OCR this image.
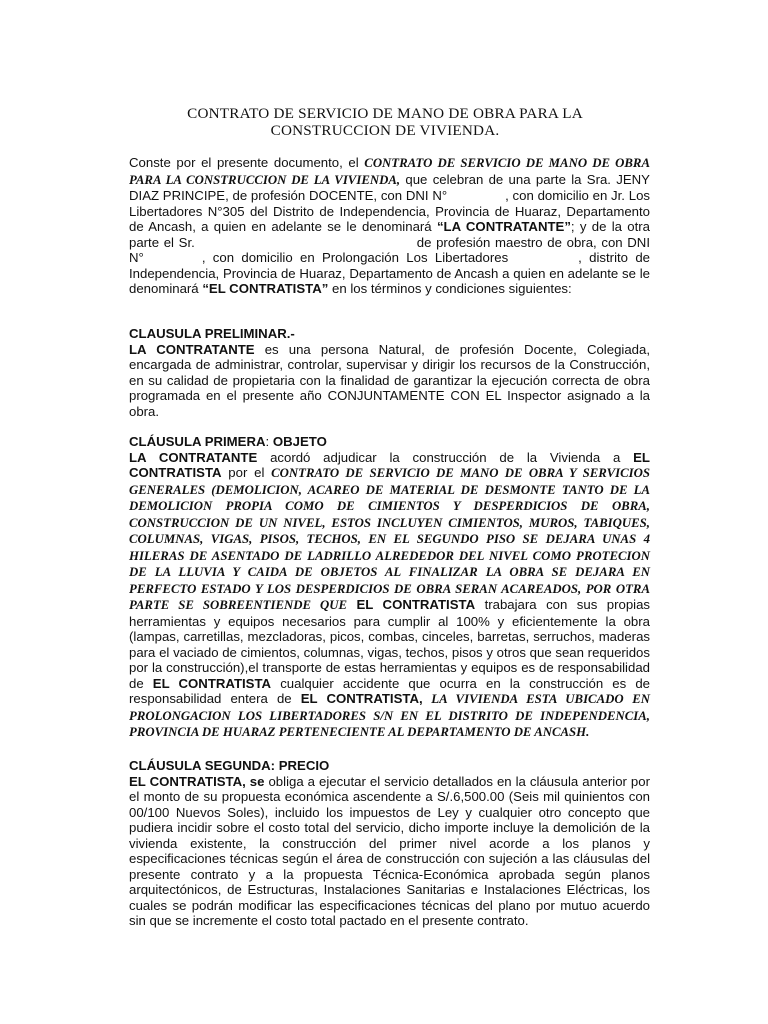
CONTRATO DE SERVICIO DE MANO DE OBRA PARA LA
CONSTRUCCION DE VIVIENDA.
Conste por el presente documento, el CONTRATO DE SERVICIO DE MANO DE OBRA PARA LA CONSTRUCCION DE LA VIVIENDA, que celebran de una parte la Sra. JENY DIAZ PRINCIPE, de profesión DOCENTE, con DNI N°	, con domicilio en Jr. Los Libertadores N°305 del Distrito de Independencia, Provincia de Huaraz, Departamento de Ancash, a quien en adelante se le denominará “LA CONTRATANTE”; y de la otra parte el Sr.	de profesión maestro de obra, con DNI N°	, con domicilio en Prolongación Los Libertadores	, distrito de Independencia, Provincia de Huaraz, Departamento de Ancash a quien en adelante se le denominará “EL CONTRATISTA” en los términos y condiciones siguientes:
CLAUSULA PRELIMINAR.-
LA CONTRATANTE es una persona Natural, de profesión Docente, Colegiada, encargada de administrar, controlar, supervisar y dirigir los recursos de la Construcción, en su calidad de propietaria con la finalidad de garantizar la ejecución correcta de obra programada en el presente año CONJUNTAMENTE CON EL Inspector asignado a la obra.
CLÁUSULA PRIMERA: OBJETO
LA CONTRATANTE acordó adjudicar la construcción de la Vivienda a EL CONTRATISTA por el CONTRATO DE SERVICIO DE MANO DE OBRA Y SERVICIOS GENERALES (DEMOLICION, ACAREO DE MATERIAL DE DESMONTE TANTO DE LA DEMOLICION PROPIA COMO DE CIMIENTOS Y DESPERDICIOS DE OBRA, CONSTRUCCION DE UN NIVEL, ESTOS INCLUYEN CIMIENTOS, MUROS, TABIQUES, COLUMNAS, VIGAS, PISOS, TECHOS, EN EL SEGUNDO PISO SE DEJARA UNAS 4 HILERAS DE ASENTADO DE LADRILLO ALREDEDOR DEL NIVEL COMO PROTECION DE LA LLUVIA Y CAIDA DE OBJETOS AL FINALIZAR LA OBRA SE DEJARA EN PERFECTO ESTADO Y LOS DESPERDICIOS DE OBRA SERAN ACAREADOS, POR OTRA PARTE SE SOBREENTIENDE QUE EL CONTRATISTA trabajara con sus propias herramientas y equipos necesarios para cumplir al 100% y eficientemente la obra (lampas, carretillas, mezcladoras, picos, combas, cinceles, barretas, serruchos, maderas para el vaciado de cimientos, columnas, vigas, techos, pisos y otros que sean requeridos por la construcción),el transporte de estas herramientas y equipos es de responsabilidad de EL CONTRATISTA cualquier accidente que ocurra en la construcción es de responsabilidad entera de EL CONTRATISTA, LA VIVIENDA ESTA UBICADO EN PROLONGACION LOS LIBERTADORES S/N EN EL DISTRITO DE INDEPENDENCIA, PROVINCIA DE HUARAZ PERTENECIENTE AL DEPARTAMENTO DE ANCASH.
CLÁUSULA SEGUNDA: PRECIO
EL CONTRATISTA, se obliga a ejecutar el servicio detallados en la cláusula anterior por el monto de su propuesta económica ascendente a S/.6,500.00 (Seis mil quinientos con 00/100 Nuevos Soles), incluido los impuestos de Ley y cualquier otro concepto que pudiera incidir sobre el costo total del servicio, dicho importe incluye la demolición de la vivienda existente, la construcción del primer nivel acorde a los planos y especificaciones técnicas según el área de construcción con sujeción a las cláusulas del presente contrato y a la propuesta Técnica-Económica aprobada según planos arquitectónicos, de Estructuras, Instalaciones Sanitarias e Instalaciones Eléctricas, los cuales se podrán modificar las especificaciones técnicas del plano por mutuo acuerdo sin que se incremente el costo total pactado en el presente contrato.
